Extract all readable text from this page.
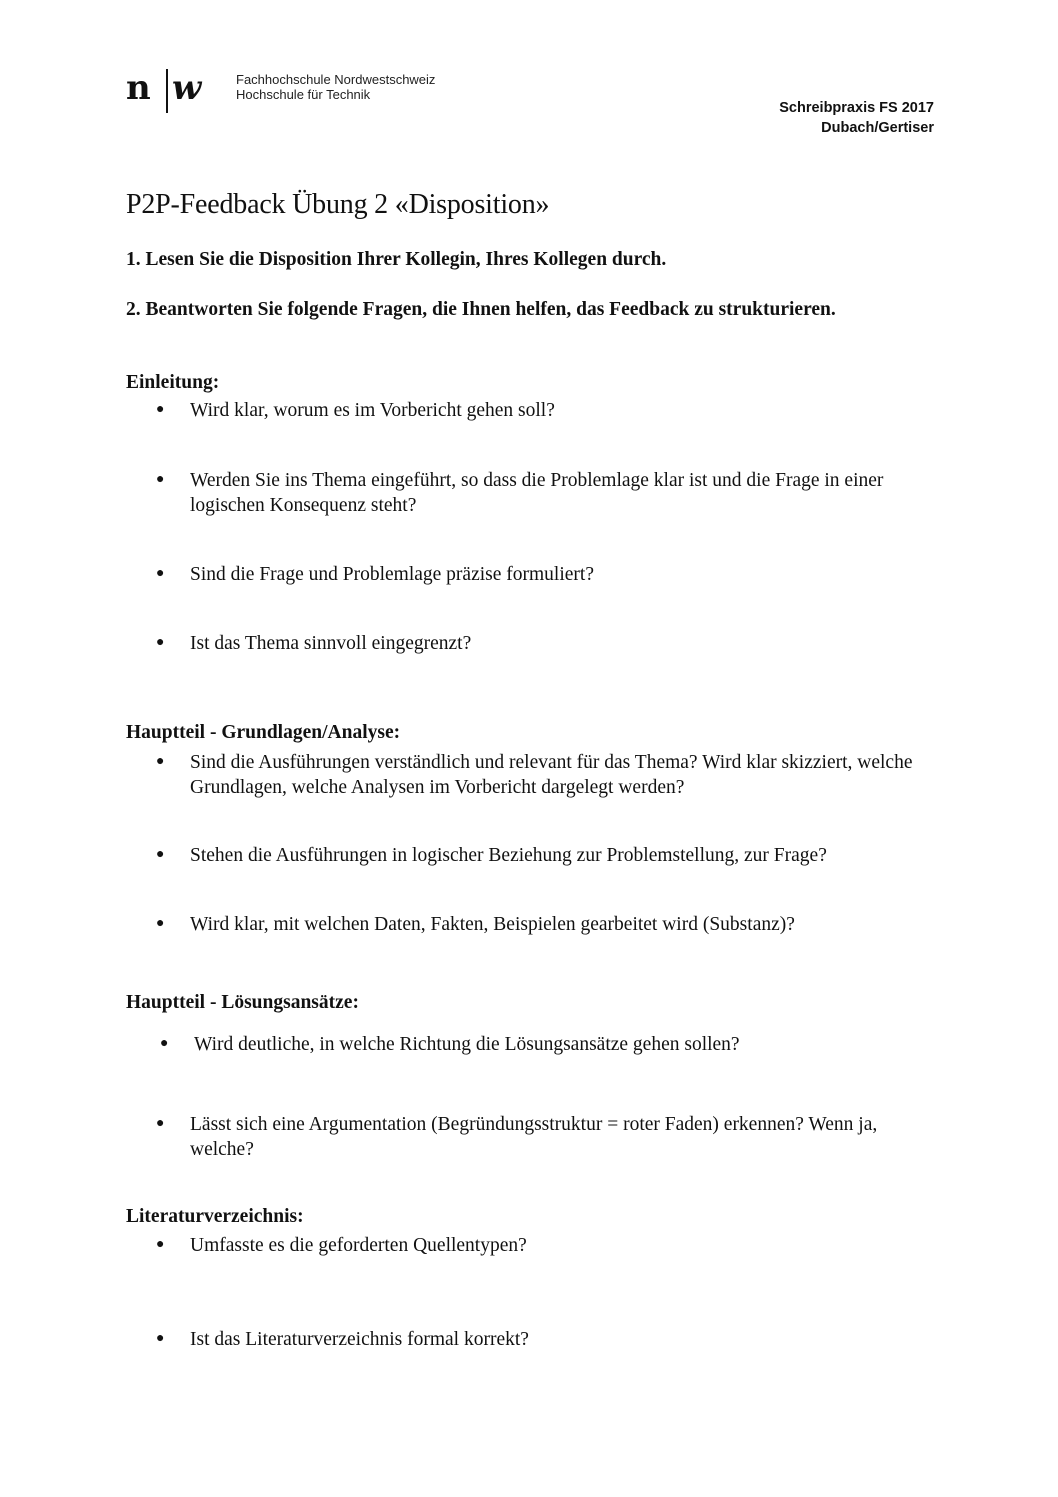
n w	Fachhochschule Nordwestschweiz
Hochschule für Technik
Schreibpraxis FS 2017
Dubach/Gertiser
P2P-Feedback Übung 2 «Disposition»
1. Lesen Sie die Disposition Ihrer Kollegin, Ihres Kollegen durch.
2. Beantworten Sie folgende Fragen, die Ihnen helfen, das Feedback zu strukturieren.
Einleitung:
● Wird klar, worum es im Vorbericht gehen soll?
● Werden Sie ins Thema eingeführt, so dass die Problemlage klar ist und die Frage in einer logischen Konsequenz steht?
● Sind die Frage und Problemlage präzise formuliert?
● Ist das Thema sinnvoll eingegrenzt?
Hauptteil - Grundlagen/Analyse:
● Sind die Ausführungen verständlich und relevant für das Thema? Wird klar skizziert, welche Grundlagen, welche Analysen im Vorbericht dargelegt werden?
● Stehen die Ausführungen in logischer Beziehung zur Problemstellung, zur Frage?
● Wird klar, mit welchen Daten, Fakten, Beispielen gearbeitet wird (Substanz)?
Hauptteil - Lösungsansätze:
● Wird deutliche, in welche Richtung die Lösungsansätze gehen sollen?
● Lässt sich eine Argumentation (Begründungsstruktur = roter Faden) erkennen? Wenn ja, welche?
Literaturverzeichnis:
● Umfasste es die geforderten Quellentypen?
● Ist das Literaturverzeichnis formal korrekt?
